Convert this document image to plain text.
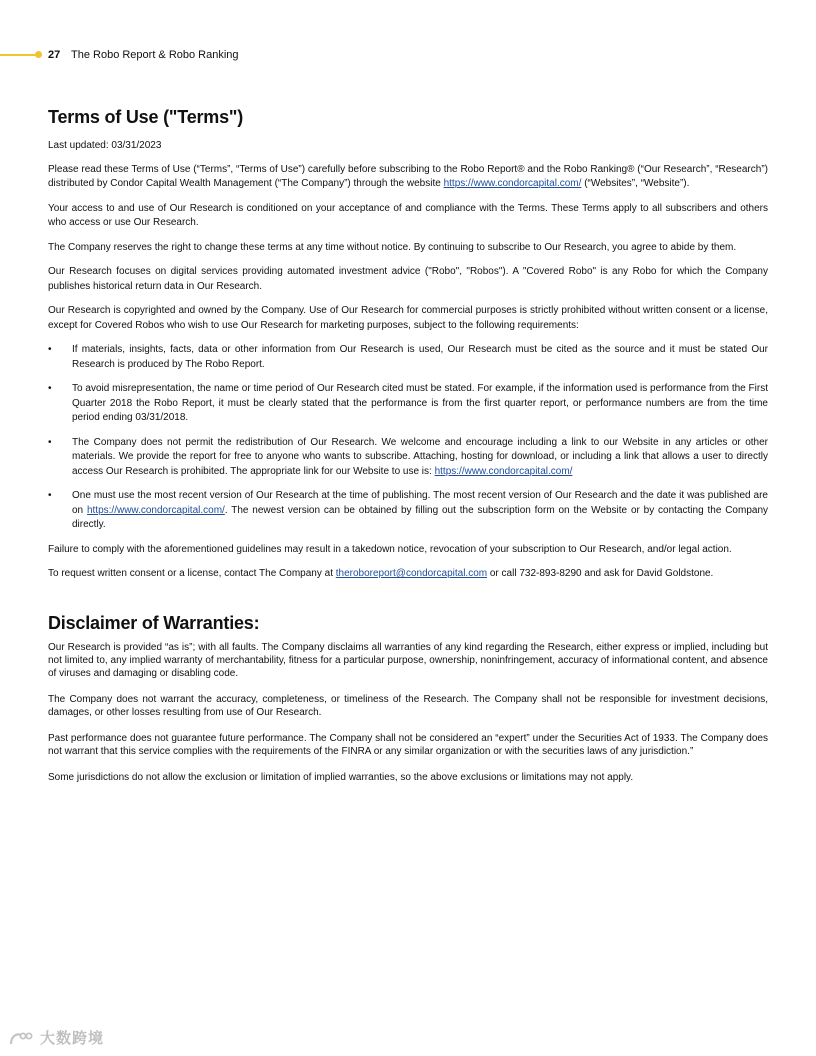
27 The Robo Report & Robo Ranking
Terms of Use ("Terms")

Last updated: 03/31/2023

Please read these Terms of Use (“Terms”, “Terms of Use”) carefully before subscribing to the Robo Report® and the Robo Ranking® (“Our Research”, “Research”) distributed by Condor Capital Wealth Management (“The Company”) through the website https://www.condorcapital.com/ (“Websites”, “Website”).

Your access to and use of Our Research is conditioned on your acceptance of and compliance with the Terms. These Terms apply to all subscribers and others who access or use Our Research.

The Company reserves the right to change these terms at any time without notice. By continuing to subscribe to Our Research, you agree to abide by them.

Our Research focuses on digital services providing automated investment advice ("Robo", "Robos"). A "Covered Robo" is any Robo for which the Company publishes historical return data in Our Research.

Our Research is copyrighted and owned by the Company. Use of Our Research for commercial purposes is strictly prohibited without written consent or a license, except for Covered Robos who wish to use Our Research for marketing purposes, subject to the following requirements:

• If materials, insights, facts, data or other information from Our Research is used, Our Research must be cited as the source and it must be stated Our Research is produced by The Robo Report.
• To avoid misrepresentation, the name or time period of Our Research cited must be stated. For example, if the information used is performance from the First Quarter 2018 the Robo Report, it must be clearly stated that the performance is from the first quarter report, or performance numbers are from the time period ending 03/31/2018.
• The Company does not permit the redistribution of Our Research. We welcome and encourage including a link to our Website in any articles or other materials. We provide the report for free to anyone who wants to subscribe. Attaching, hosting for download, or including a link that allows a user to directly access Our Research is prohibited. The appropriate link for our Website to use is: https://www.condorcapital.com/
• One must use the most recent version of Our Research at the time of publishing. The most recent version of Our Research and the date it was published are on https://www.condorcapital.com/. The newest version can be obtained by filling out the subscription form on the Website or by contacting the Company directly.

Failure to comply with the aforementioned guidelines may result in a takedown notice, revocation of your subscription to Our Research, and/or legal action.

To request written consent or a license, contact The Company at theroboreport@condorcapital.com or call 732-893-8290 and ask for David Goldstone.

Disclaimer of Warranties:

Our Research is provided “as is”; with all faults. The Company disclaims all warranties of any kind regarding the Research, either express or implied, including but not limited to, any implied warranty of merchantability, fitness for a particular purpose, ownership, noninfringement, accuracy of informational content, and absence of viruses and damaging or disabling code.

The Company does not warrant the accuracy, completeness, or timeliness of the Research. The Company shall not be responsible for investment decisions, damages, or other losses resulting from use of Our Research.

Past performance does not guarantee future performance. The Company shall not be considered an “expert” under the Securities Act of 1933. The Company does not warrant that this service complies with the requirements of the FINRA or any similar organization or with the securities laws of any jurisdiction.”

Some jurisdictions do not allow the exclusion or limitation of implied warranties, so the above exclusions or limitations may not apply.

大数跨境
